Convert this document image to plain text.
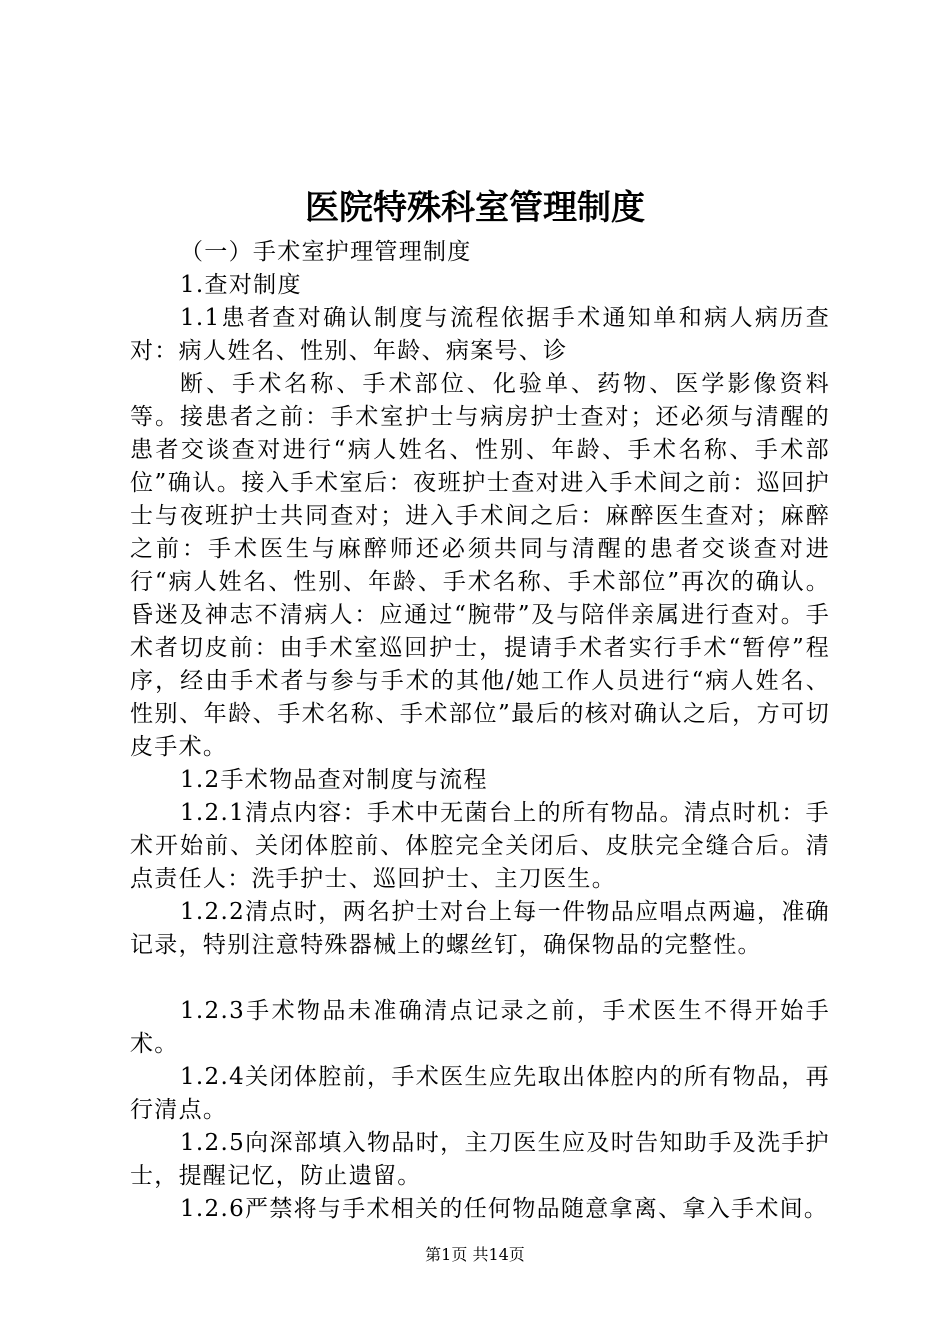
医院特殊科室管理制度

（一）手术室护理管理制度

1.查对制度

1.1患者查对确认制度与流程依据手术通知单和病人病历查对：病人姓名、性别、年龄、病案号、诊

断、手术名称、手术部位、化验单、药物、医学影像资料等。接患者之前：手术室护士与病房护士查对；还必须与清醒的患者交谈查对进行“病人姓名、性别、年龄、手术名称、手术部位”确认。接入手术室后：夜班护士查对进入手术间之前：巡回护士与夜班护士共同查对；进入手术间之后：麻醉医生查对；麻醉之前：手术医生与麻醉师还必须共同与清醒的患者交谈查对进行“病人姓名、性别、年龄、手术名称、手术部位”再次的确认。昏迷及神志不清病人：应通过“腕带”及与陪伴亲属进行查对。手术者切皮前：由手术室巡回护士，提请手术者实行手术“暂停”程序，经由手术者与参与手术的其他/她工作人员进行“病人姓名、性别、年龄、手术名称、手术部位”最后的核对确认之后，方可切皮手术。

1.2手术物品查对制度与流程

1.2.1清点内容：手术中无菌台上的所有物品。清点时机：手术开始前、关闭体腔前、体腔完全关闭后、皮肤完全缝合后。清点责任人：洗手护士、巡回护士、主刀医生。

1.2.2清点时，两名护士对台上每一件物品应唱点两遍，准确记录，特别注意特殊器械上的螺丝钉，确保物品的完整性。

1.2.3手术物品未准确清点记录之前，手术医生不得开始手术。

1.2.4关闭体腔前，手术医生应先取出体腔内的所有物品，再行清点。

1.2.5向深部填入物品时，主刀医生应及时告知助手及洗手护士，提醒记忆，防止遗留。

1.2.6严禁将与手术相关的任何物品随意拿离、拿入手术间。

第1页 共14页
